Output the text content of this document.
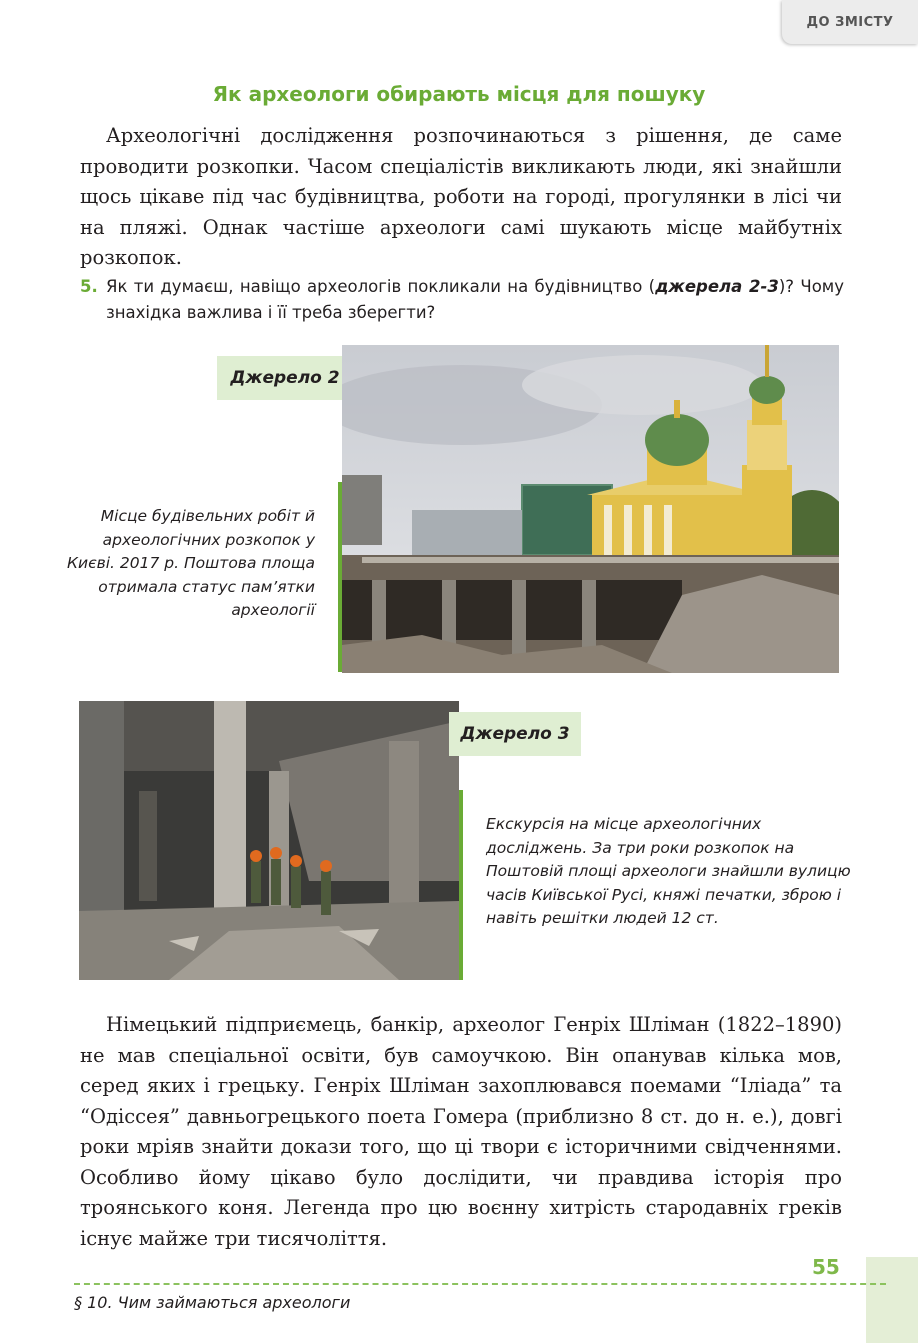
ДО ЗМІСТУ
Як археологи обирають місця для пошуку
Археологічні дослідження розпочинаються з рішення, де саме проводити розкопки. Часом спеціалістів викликають люди, які знайшли щось цікаве під час будівництва, роботи на городі, прогулянки в лісі чи на пляжі. Однак частіше археологи самі шукають місце майбутніх розкопок.
5. Як ти думаєш, навіщо археологів покликали на будівництво (джерела 2-3)? Чому знахідка важлива і її треба зберегти?
Джерело 2
Місце будівельних робіт й археологічних розкопок у Києві. 2017 р. Поштова площа отримала статус пам’ятки археології
Джерело 3
Екскурсія на місце археологічних досліджень. За три роки розкопок на Поштовій площі археологи знайшли вулицю часів Київської Русі, княжі печатки, зброю і навіть решітки людей 12 ст.
Німецький підприємець, банкір, археолог Генріх Шліман (1822–1890) не мав спеціальної освіти, був самоучкою. Він опанував кілька мов, серед яких і грецьку. Генріх Шліман захоплювався поемами “Іліада” та “Одіссея” давньогрецького поета Гомера (приблизно 8 ст. до н. е.), довгі роки мріяв знайти докази того, що ці твори є історичними свідченнями. Особливо йому цікаво було дослідити, чи правдива історія про троянського коня. Легенда про цю воєнну хитрість стародавніх греків існує майже три тисячоліття.
55
§ 10. Чим займаються археологи
